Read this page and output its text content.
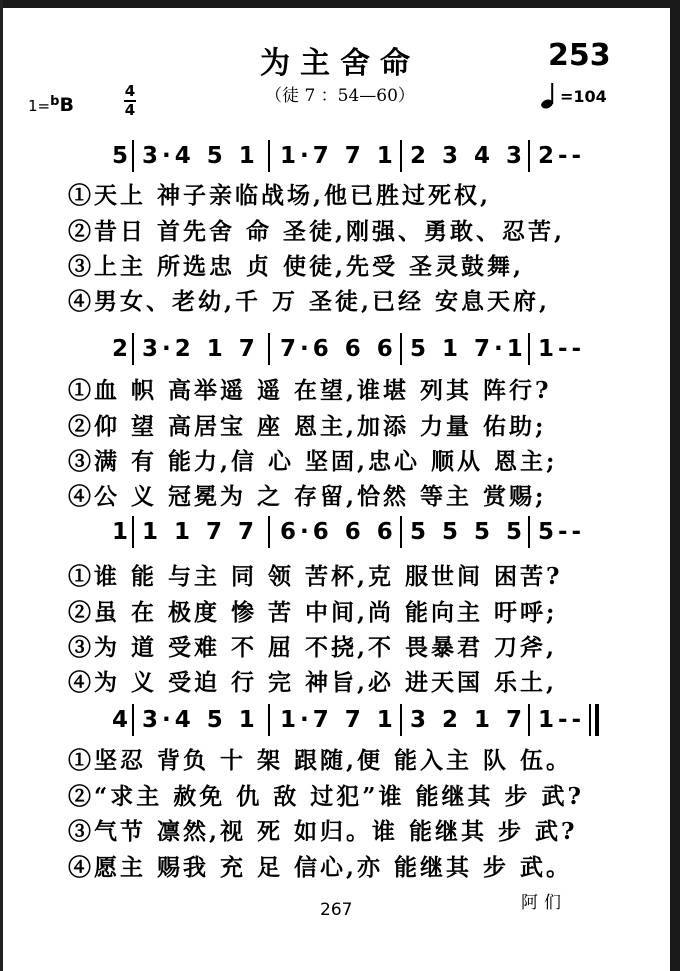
为主舍命	253
（徒 7 ：54—60）
1=$^b$B
4
4
=104
5 3·4 5 1 1·7 7 1 2 3 4 3 2--
①天上 神子亲临战场,他已胜过死权,
②昔日 首先舍 命 圣徒,刚强、勇敢、忍苦,
③上主 所选忠 贞 使徒,先受 圣灵鼓舞,
④男女、老幼,千 万 圣徒,已经 安息天府,
2 3·2 1 7 7·6 6 6 5 1 7·1 1--
①血 帜 高举遥 遥 在望,谁堪 列其 阵行?
②仰 望 高居宝 座 恩主,加添 力量 佑助;
③满 有 能力,信 心 坚固,忠心 顺从 恩主;
④公 义 冠冕为 之 存留,恰然 等主 赏赐;
1 1 1 7 7 6·6 6 6 5 5 5 5 5--
①谁 能 与主 同 领 苦杯,克 服世间 困苦?
②虽 在 极度 惨 苦 中间,尚 能向主 吁呼;
③为 道 受难 不 屈 不挠,不 畏暴君 刀斧,
④为 义 受迫 行 完 神旨,必 进天国 乐土,
4 3·4 5 1 1·7 7 1 3 2 1 7 1--
①坚忍 背负 十 架 跟随,便 能入主 队 伍。
②“求主 赦免 仇 敌 过犯”谁 能继其 步 武?
③气节 凛然,视 死 如归。谁 能继其 步 武?
④愿主 赐我 充 足 信心,亦 能继其 步 武。
阿们
267
